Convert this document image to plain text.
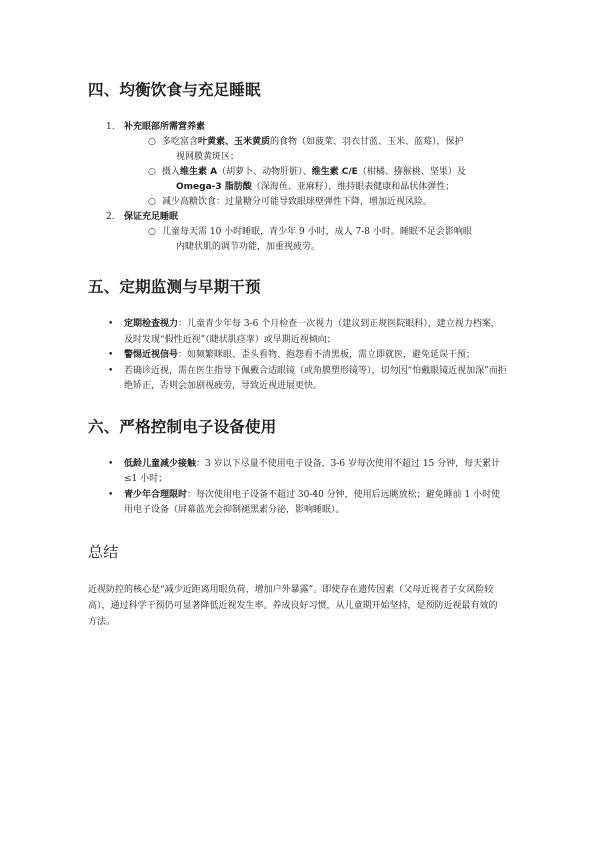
四、均衡饮食与充足睡眠
1. 补充眼部所需营养素
○ 多吃富含叶黄素、玉米黄质的食物（如菠菜、羽衣甘蓝、玉米、蓝莓），保护

视网膜黄斑区；
○ 摄入维生素 A（胡萝卜、动物肝脏）、维生素 C/E（柑橘、猕猴桃、坚果）及

Omega-3 脂肪酸（深海鱼、亚麻籽），维持眼表健康和晶状体弹性；
○ 减少高糖饮食：过量糖分可能导致眼球壁弹性下降，增加近视风险。
2. 保证充足睡眠
○ 儿童每天需 10 小时睡眠，青少年 9 小时，成人 7-8 小时。睡眠不足会影响眼

内睫状肌的调节功能，加重视疲劳。
五、定期监测与早期干预
• 定期检查视力：儿童青少年每 3-6 个月检查一次视力（建议到正规医院眼科），建立视力档案，及时发现“假性近视”（睫状肌痉挛）或早期近视倾向；
• 警惕近视信号：如频繁眯眼、歪头看物、抱怨看不清黑板，需立即就医，避免延误干预；
• 若确诊近视，需在医生指导下佩戴合适眼镜（或角膜塑形镜等），切勿因“怕戴眼镜近视加深”而拒绝矫正，否则会加剧视疲劳，导致近视进展更快。
六、严格控制电子设备使用
• 低龄儿童减少接触：3 岁以下尽量不使用电子设备，3-6 岁每次使用不超过 15 分钟，每天累计≤1 小时；
• 青少年合理限时：每次使用电子设备不超过 30-40 分钟，使用后远眺放松；避免睡前 1 小时使用电子设备（屏幕蓝光会抑制褪黑素分泌，影响睡眠）。
总结

近视防控的核心是“减少近距离用眼负荷，增加户外暴露”。即使存在遗传因素（父母近视者子女风险较高），通过科学干预仍可显著降低近视发生率。养成良好习惯，从儿童期开始坚持，是预防近视最有效的方法。
